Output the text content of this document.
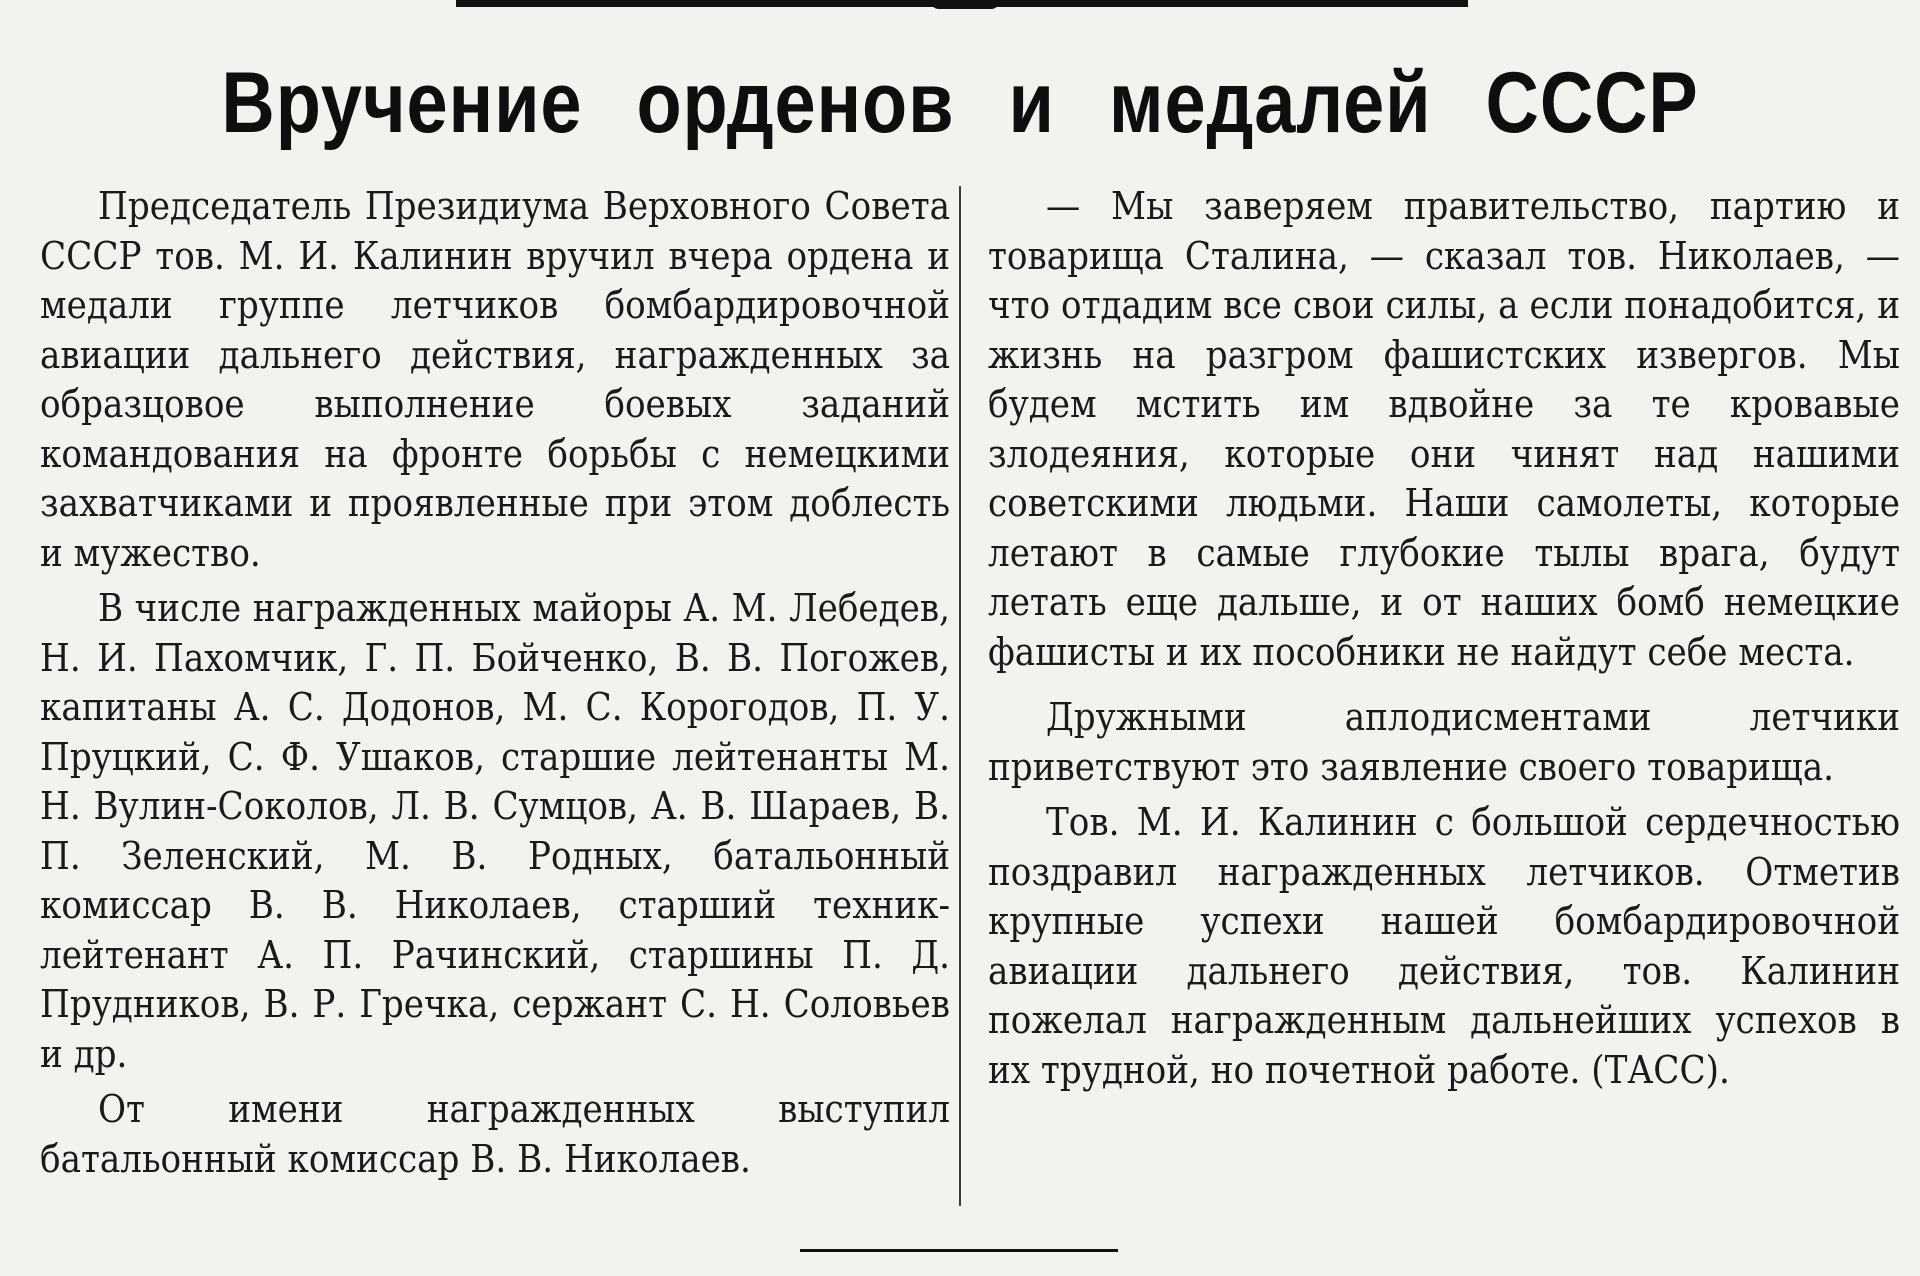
Вручение орденов и медалей СССР

Председатель Президиума Верховного Совета СССР тов. М. И. Калинин вручил вчера ордена и медали группе летчиков бомбардировочной авиации дальнего действия, награжденных за образцовое выполнение боевых заданий командования на фронте борьбы с немецкими захватчиками и проявленные при этом доблесть и мужество.

В числе награжденных майоры А. М. Лебедев, Н. И. Пахомчик, Г. П. Бойченко, В. В. Погожев, капитаны А. С. Додонов, М. С. Корогодов, П. У. Пруцкий, С. Ф. Ушаков, старшие лейтенанты М. Н. Вулин-Соколов, Л. В. Сумцов, А. В. Шараев, В. П. Зеленский, М. В. Родных, батальонный комиссар В. В. Николаев, старший техник-лейтенант А. П. Рачинский, старшины П. Д. Прудников, В. Р. Гречка, сержант С. Н. Соловьев и др.

От имени награжденных выступил батальонный комиссар В. В. Николаев.

— Мы заверяем правительство, партию и товарища Сталина, — сказал тов. Николаев, — что отдадим все свои силы, а если понадобится, и жизнь на разгром фашистских извергов. Мы будем мстить им вдвойне за те кровавые злодеяния, которые они чинят над нашими советскими людьми. Наши самолеты, которые летают в самые глубокие тылы врага, будут летать еще дальше, и от наших бомб немецкие фашисты и их пособники не найдут себе места.

Дружными аплодисментами летчики приветствуют это заявление своего товарища.

Тов. М. И. Калинин с большой сердечностью поздравил награжденных летчиков. Отметив крупные успехи нашей бомбардировочной авиации дальнего действия, тов. Калинин пожелал награжденным дальнейших успехов в их трудной, но почетной работе. (ТАСС).
